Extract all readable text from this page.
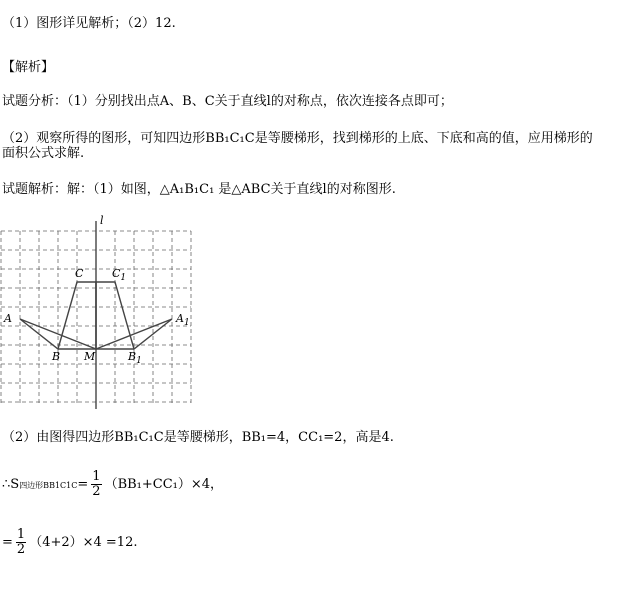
（1）图形详见解析；（2）12.
【解析】
试题分析：（1）分别找出点A、B、C关于直线l的对称点，依次连接各点即可；
（2）观察所得的图形，可知四边形BB₁C₁C是等腰梯形，找到梯形的上底、下底和高的值，应用梯形的
面积公式求解.
试题解析：解：（1）如图，△A₁B₁C₁ 是△ABC关于直线l的对称图形.
l
A
B
C	$C_1$
$A_1$
$B_1$
M
（2）由图得四边形BB₁C₁C是等腰梯形，BB₁=4，CC₁=2，高是4.
∴S四边形$BB1C1C= \frac{1}{2} (BB_1+CC_1)\times 4$，
= $\frac{1}{2} (4+2)\times 4 =12$.
